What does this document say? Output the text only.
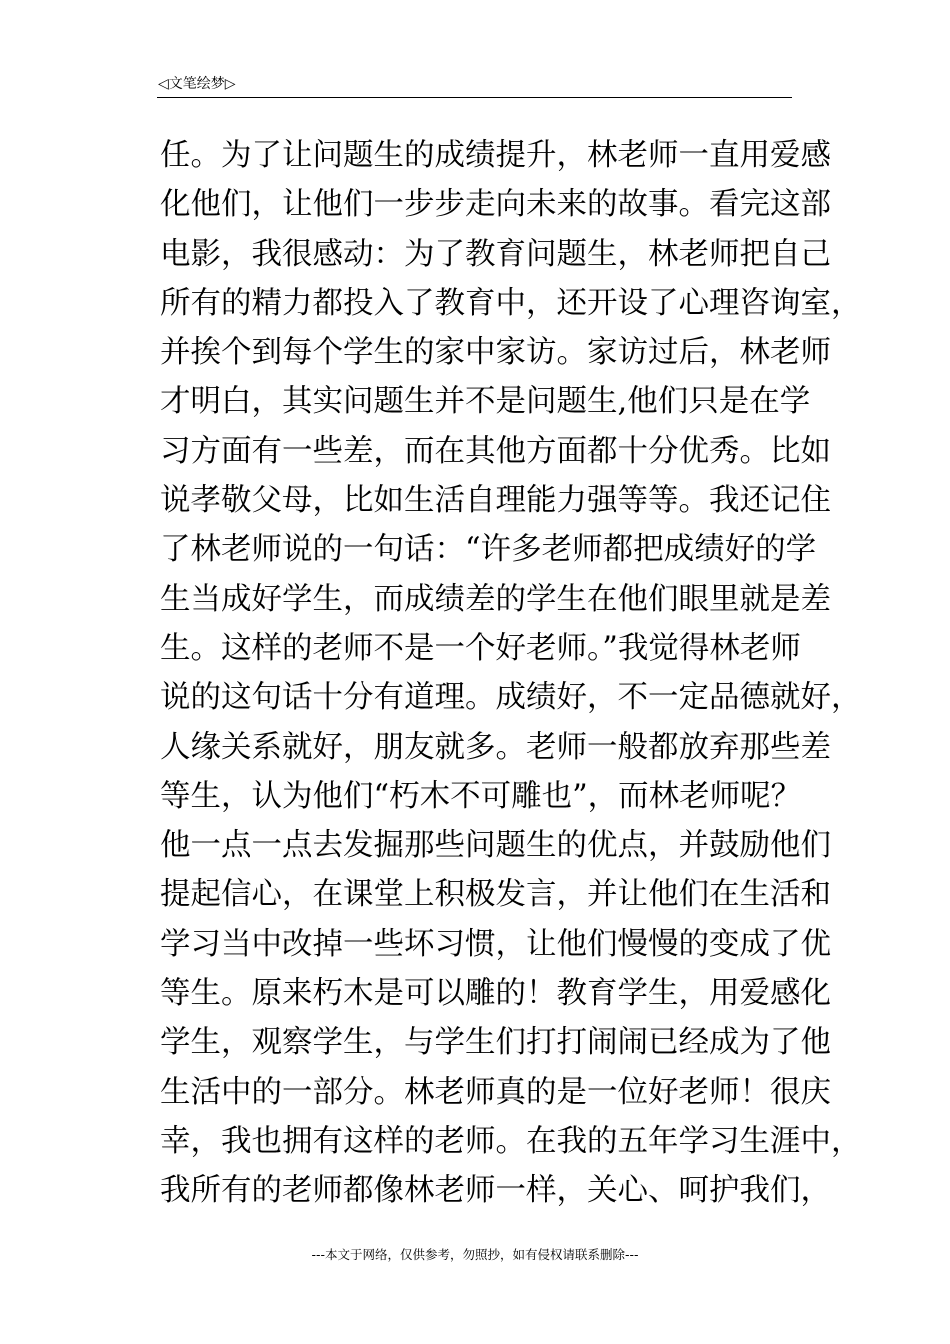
◁文笔绘梦▷
任。为了让问题生的成绩提升，林老师一直用爱感
化他们，让他们一步步走向未来的故事。看完这部
电影，我很感动：为了教育问题生，林老师把自己
所有的精力都投入了教育中，还开设了心理咨询室，
并挨个到每个学生的家中家访。家访过后，林老师
才明白，其实问题生并不是问题生,他们只是在学
习方面有一些差，而在其他方面都十分优秀。比如
说孝敬父母，比如生活自理能力强等等。我还记住
了林老师说的一句话：“许多老师都把成绩好的学
生当成好学生，而成绩差的学生在他们眼里就是差
生。这样的老师不是一个好老师。”我觉得林老师
说的这句话十分有道理。成绩好，不一定品德就好，
人缘关系就好，朋友就多。老师一般都放弃那些差
等生，认为他们“朽木不可雕也”，而林老师呢？
他一点一点去发掘那些问题生的优点，并鼓励他们
提起信心，在课堂上积极发言，并让他们在生活和
学习当中改掉一些坏习惯，让他们慢慢的变成了优
等生。原来朽木是可以雕的！教育学生，用爱感化
学生，观察学生，与学生们打打闹闹已经成为了他
生活中的一部分。林老师真的是一位好老师！很庆
幸，我也拥有这样的老师。在我的五年学习生涯中，
我所有的老师都像林老师一样，关心、呵护我们，
---本文于网络，仅供参考，勿照抄，如有侵权请联系删除---
